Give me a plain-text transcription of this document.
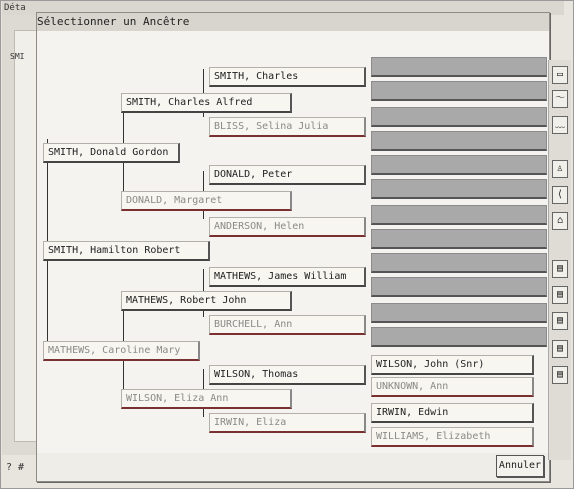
Déta
SMI
Sélectionner un Ancêtre
MATHEWS, Caroline Mary
SMITH, Donald Gordon
SMITH, Hamilton Robert
SMITH, Charles Alfred
DONALD, Margaret
MATHEWS, Robert John
WILSON, Eliza Ann
SMITH, Charles
BLISS, Selina Julia
DONALD, Peter
ANDERSON, Helen
MATHEWS, James William
BURCHELL, Ann
WILSON, Thomas
IRWIN, Eliza
WILSON, John (Snr)
UNKNOWN, Ann
IRWIN, Edwin
WILLIAMS, Elizabeth
▭
〜
﹏
♙
⟨
⌂
▤
▤
▤
▤
▤
? #	Annuler
